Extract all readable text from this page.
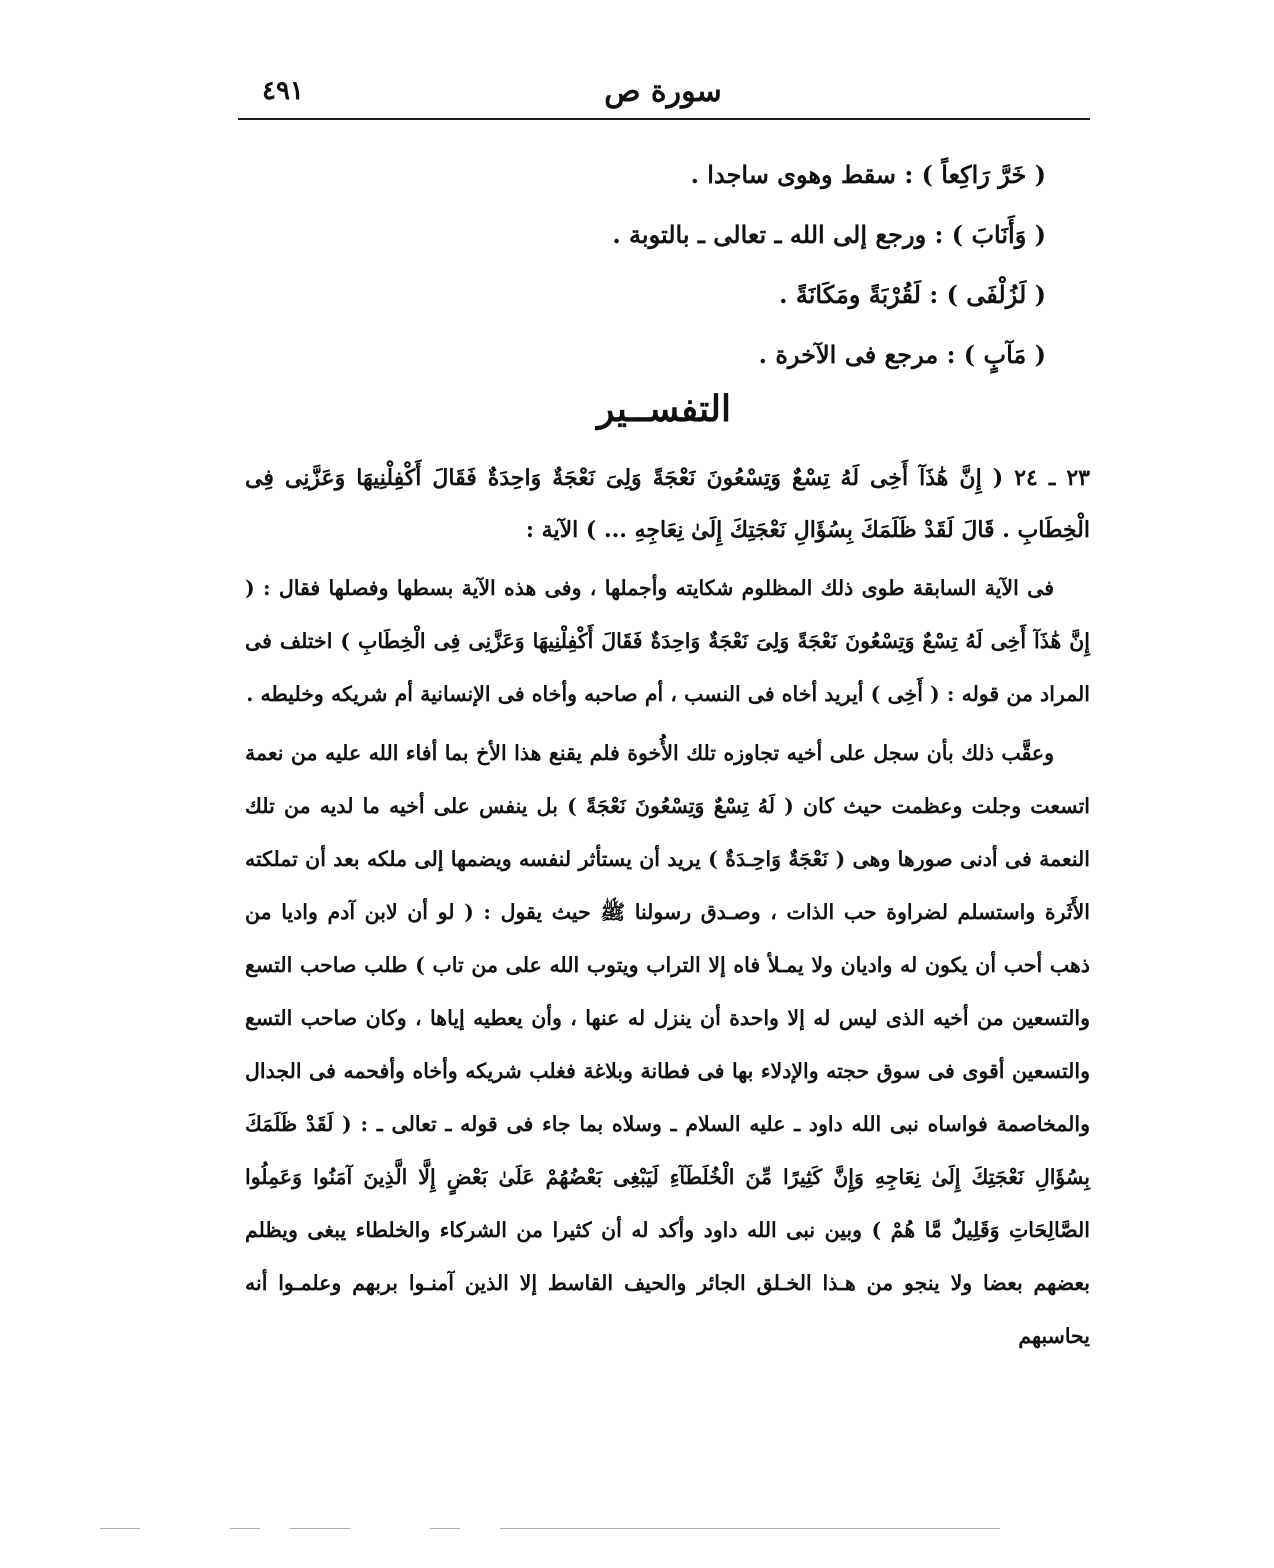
٤٩١	سورة ص
( خَرَّ رَاكِعاً ) : سقط وهوى ساجدا .
( وَأَنَابَ ) : ورجع إلى الله ـ تعالى ـ بالتوبة .
( لَزُلْفَى ) : لَقُرْبَةً ومَكَانَةً .
( مَآبٍ ) : مرجع فى الآخرة .
التفســير
٢٣ ـ ٢٤ ( إِنَّ هَٰذَآ أَخِى لَهُ تِسْعٌ وَتِسْعُونَ نَعْجَةً وَلِىَ نَعْجَةٌ وَاحِدَةٌ فَقَالَ أَكْفِلْنِيهَا وَعَزَّنِى فِى الْخِطَابِ . قَالَ لَقَدْ ظَلَمَكَ بِسُؤَالِ نَعْجَتِكَ إِلَىٰ نِعَاجِهِ ... ) الآية :

فى الآية السابقة طوى ذلك المظلوم شكايته وأجملها ، وفى هذه الآية بسطها وفصلها فقال : ( إِنَّ هَٰذَآ أَخِى لَهُ تِسْعٌ وَتِسْعُونَ نَعْجَةً وَلِىَ نَعْجَةٌ وَاحِدَةٌ فَقَالَ أَكْفِلْنِيهَا وَعَزَّنِى فِى الْخِطَابِ ) اختلف فى المراد من قوله : ( أَخِى ) أيريد أخاه فى النسب ، أم صاحبه وأخاه فى الإنسانية أم شريكه وخليطه .

وعقَّب ذلك بأن سجل على أخيه تجاوزه تلك الأُخوة فلم يقنع هذا الأخ بما أفاء الله عليه من نعمة اتسعت وجلت وعظمت حيث كان ( لَهُ تِسْعٌ وَتِسْعُونَ نَعْجَةً ) بل ينفس على أخيه ما لديه من تلك النعمة فى أدنى صورها وهى ( نَعْجَةٌ وَاحِـدَةٌ ) يريد أن يستأثر لنفسه ويضمها إلى ملكه بعد أن تملكته الأَثَرة واستسلم لضراوة حب الذات ، وصـدق رسولنا ﷺ حيث يقول : ( لو أن لابن آدم واديا من ذهب أحب أن يكون له واديان ولا يمـلأ فاه إلا التراب ويتوب الله على من تاب ) طلب صاحب التسع والتسعين من أخيه الذى ليس له إلا واحدة أن ينزل له عنها ، وأن يعطيه إياها ، وكان صاحب التسع والتسعين أقوى فى سوق حجته والإدلاء بها فى فطانة وبلاغة فغلب شريكه وأخاه وأفحمه فى الجدال والمخاصمة فواساه نبى الله داود ـ عليه السلام ـ وسلاه بما جاء فى قوله ـ تعالى ـ : ( لَقَدْ ظَلَمَكَ بِسُؤَالِ نَعْجَتِكَ إِلَىٰ نِعَاجِهِ وَإِنَّ كَثِيرًا مِّنَ الْخُلَطَآءِ لَيَبْغِى بَعْضُهُمْ عَلَىٰ بَعْضٍ إِلَّا الَّذِينَ آمَنُوا وَعَمِلُوا الصَّالِحَاتِ وَقَلِيلٌ مَّا هُمْ ) وبين نبى الله داود وأكد له أن كثيرا من الشركاء والخلطاء يبغى ويظلم بعضهم بعضا ولا ينجو من هـذا الخـلق الجائر والحيف القاسط إلا الذين آمنـوا بربهم وعلمـوا أنه يحاسبهم
